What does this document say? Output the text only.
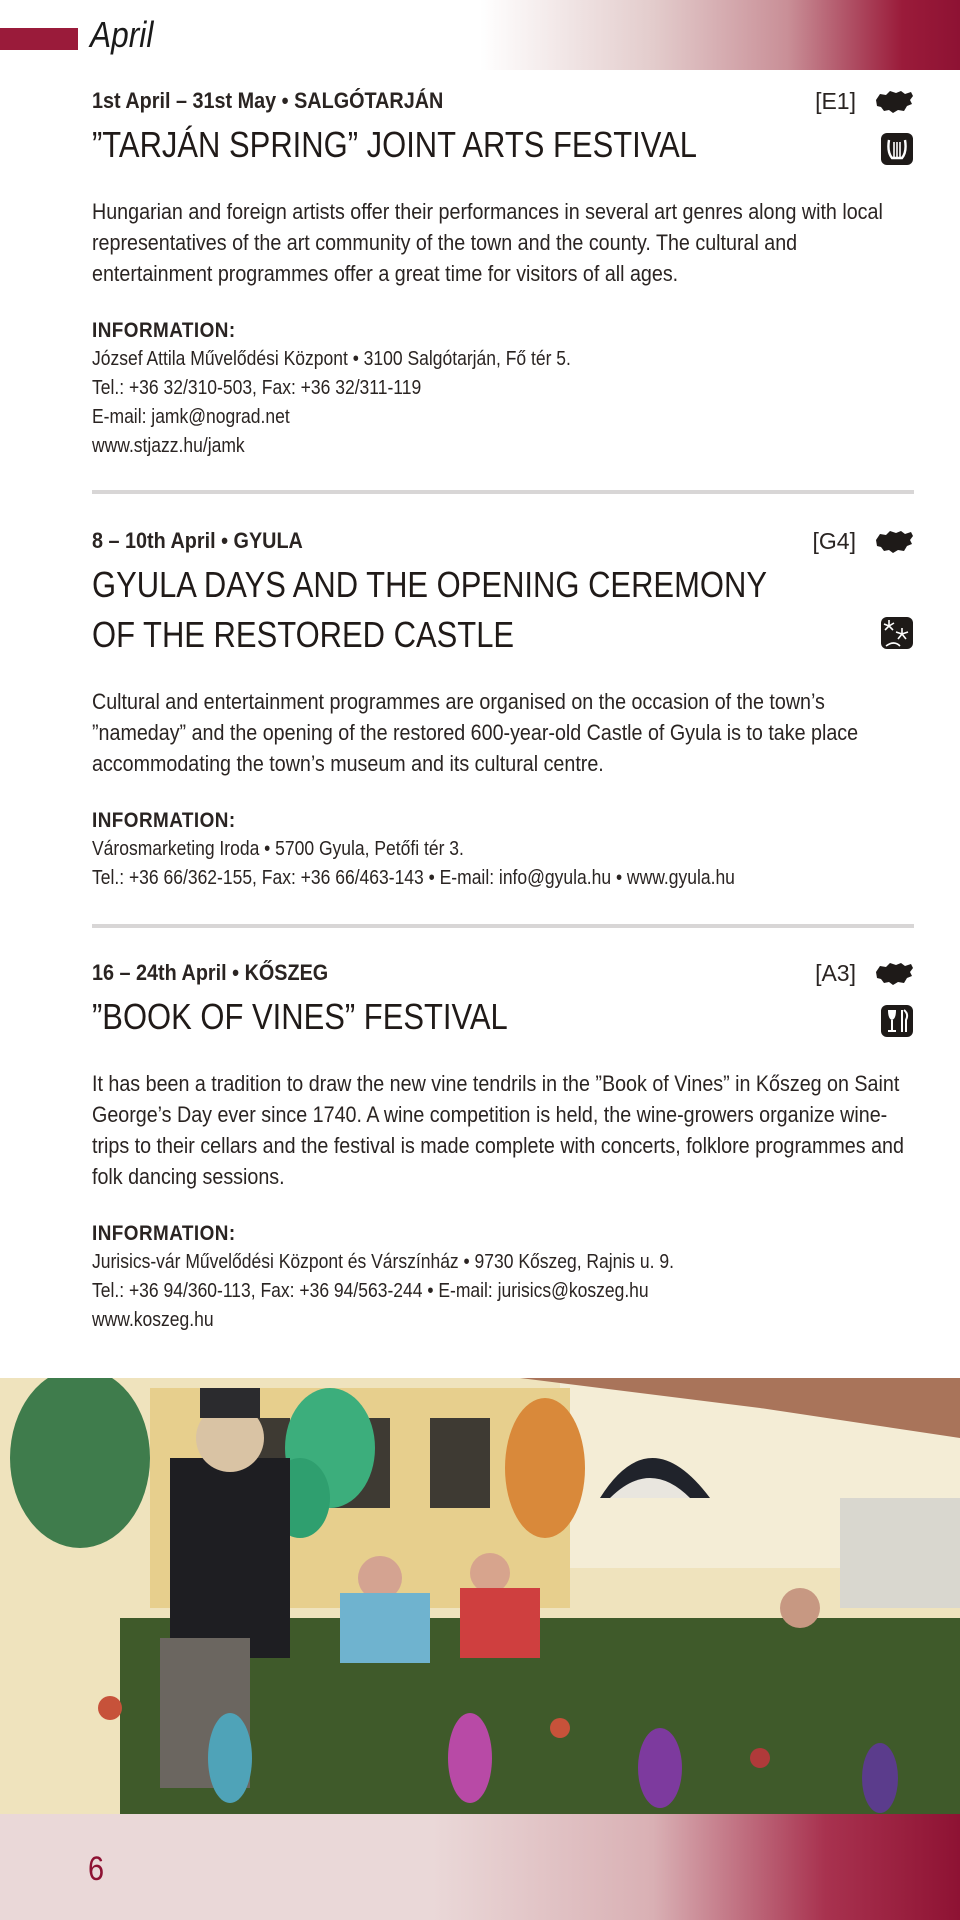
April
1st April – 31st May • SALGÓTARJÁN	[E1]
”TARJÁN SPRING” JOINT ARTS FESTIVAL
Hungarian and foreign artists offer their performances in several art genres along with local representatives of the art community of the town and the county. The cultural and entertainment programmes offer a great time for visitors of all ages.
INFORMATION:
József Attila Művelődési Központ • 3100 Salgótarján, Fő tér 5.
Tel.: +36 32/310-503, Fax: +36 32/311-119
E-mail: jamk@nograd.net
www.stjazz.hu/jamk
8 – 10th April • GYULA	[G4]
GYULA DAYS AND THE OPENING CEREMONY
OF THE RESTORED CASTLE
Cultural and entertainment programmes are organised on the occasion of the town’s ”nameday” and the opening of the restored 600-year-old Castle of Gyula is to take place accommodating the town’s museum and its cultural centre.
INFORMATION:
Városmarketing Iroda • 5700 Gyula, Petőfi tér 3.
Tel.: +36 66/362-155, Fax: +36 66/463-143 • E-mail: info@gyula.hu • www.gyula.hu
16 – 24th April • KŐSZEG	[A3]
”BOOK OF VINES” FESTIVAL
It has been a tradition to draw the new vine tendrils in the ”Book of Vines” in Kőszeg on Saint George’s Day ever since 1740. A wine competition is held, the wine-growers organize wine-trips to their cellars and the festival is made complete with concerts, folklore programmes and folk dancing sessions.
INFORMATION:
Jurisics-vár Művelődési Központ és Várszínház • 9730 Kőszeg, Rajnis u. 9.
Tel.: +36 94/360-113, Fax: +36 94/563-244 • E-mail: jurisics@koszeg.hu
www.koszeg.hu
6
